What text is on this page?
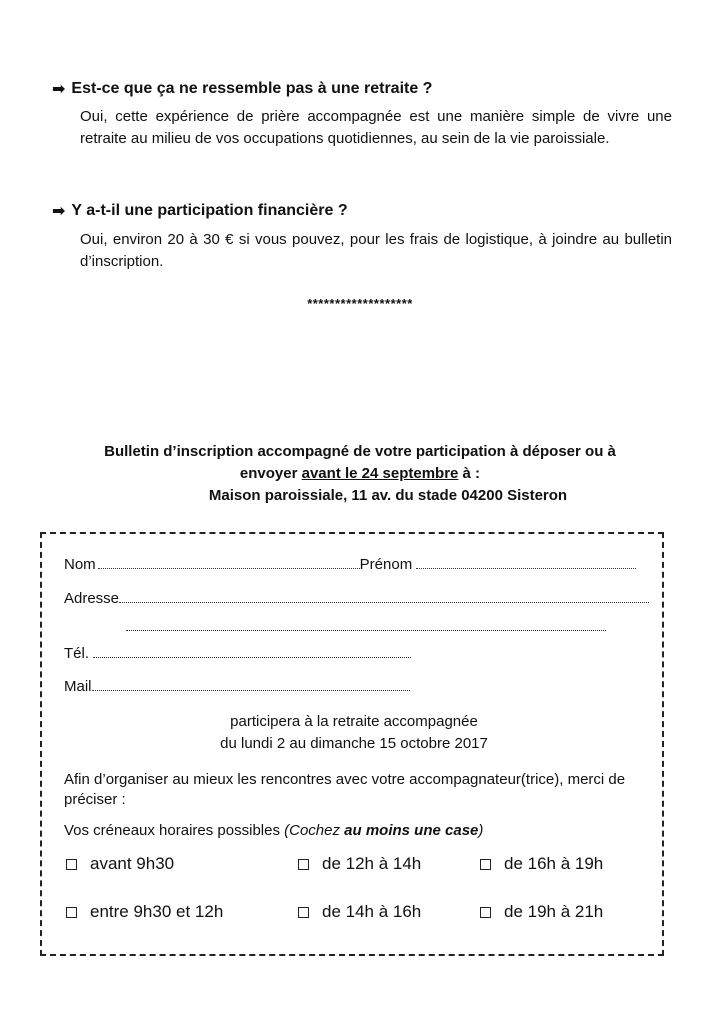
➡ Est-ce que ça ne ressemble pas à une retraite ?
Oui, cette expérience de prière accompagnée est une manière simple de vivre une retraite au milieu de vos occupations quotidiennes, au sein de la vie paroissiale.
➡ Y a-t-il une participation financière ?
Oui, environ 20 à 30 € si vous pouvez, pour les frais de logistique, à joindre au bulletin d’inscription.
*******************
Bulletin d’inscription accompagné de votre participation à déposer ou à
envoyer avant le 24 septembre à :
Maison paroissiale, 11 av. du stade 04200 Sisteron
Nom	Prénom
Adresse
Tél.
Mail
participera à la retraite accompagnée
du lundi 2 au dimanche 15 octobre 2017
Afin d’organiser au mieux les rencontres avec votre accompagnateur(trice), merci de préciser :
Vos créneaux horaires possibles (Cochez au moins une case)
avant 9h30	de 12h à 14h	de 16h à 19h
entre 9h30 et 12h	de 14h à 16h	de 19h à 21h
